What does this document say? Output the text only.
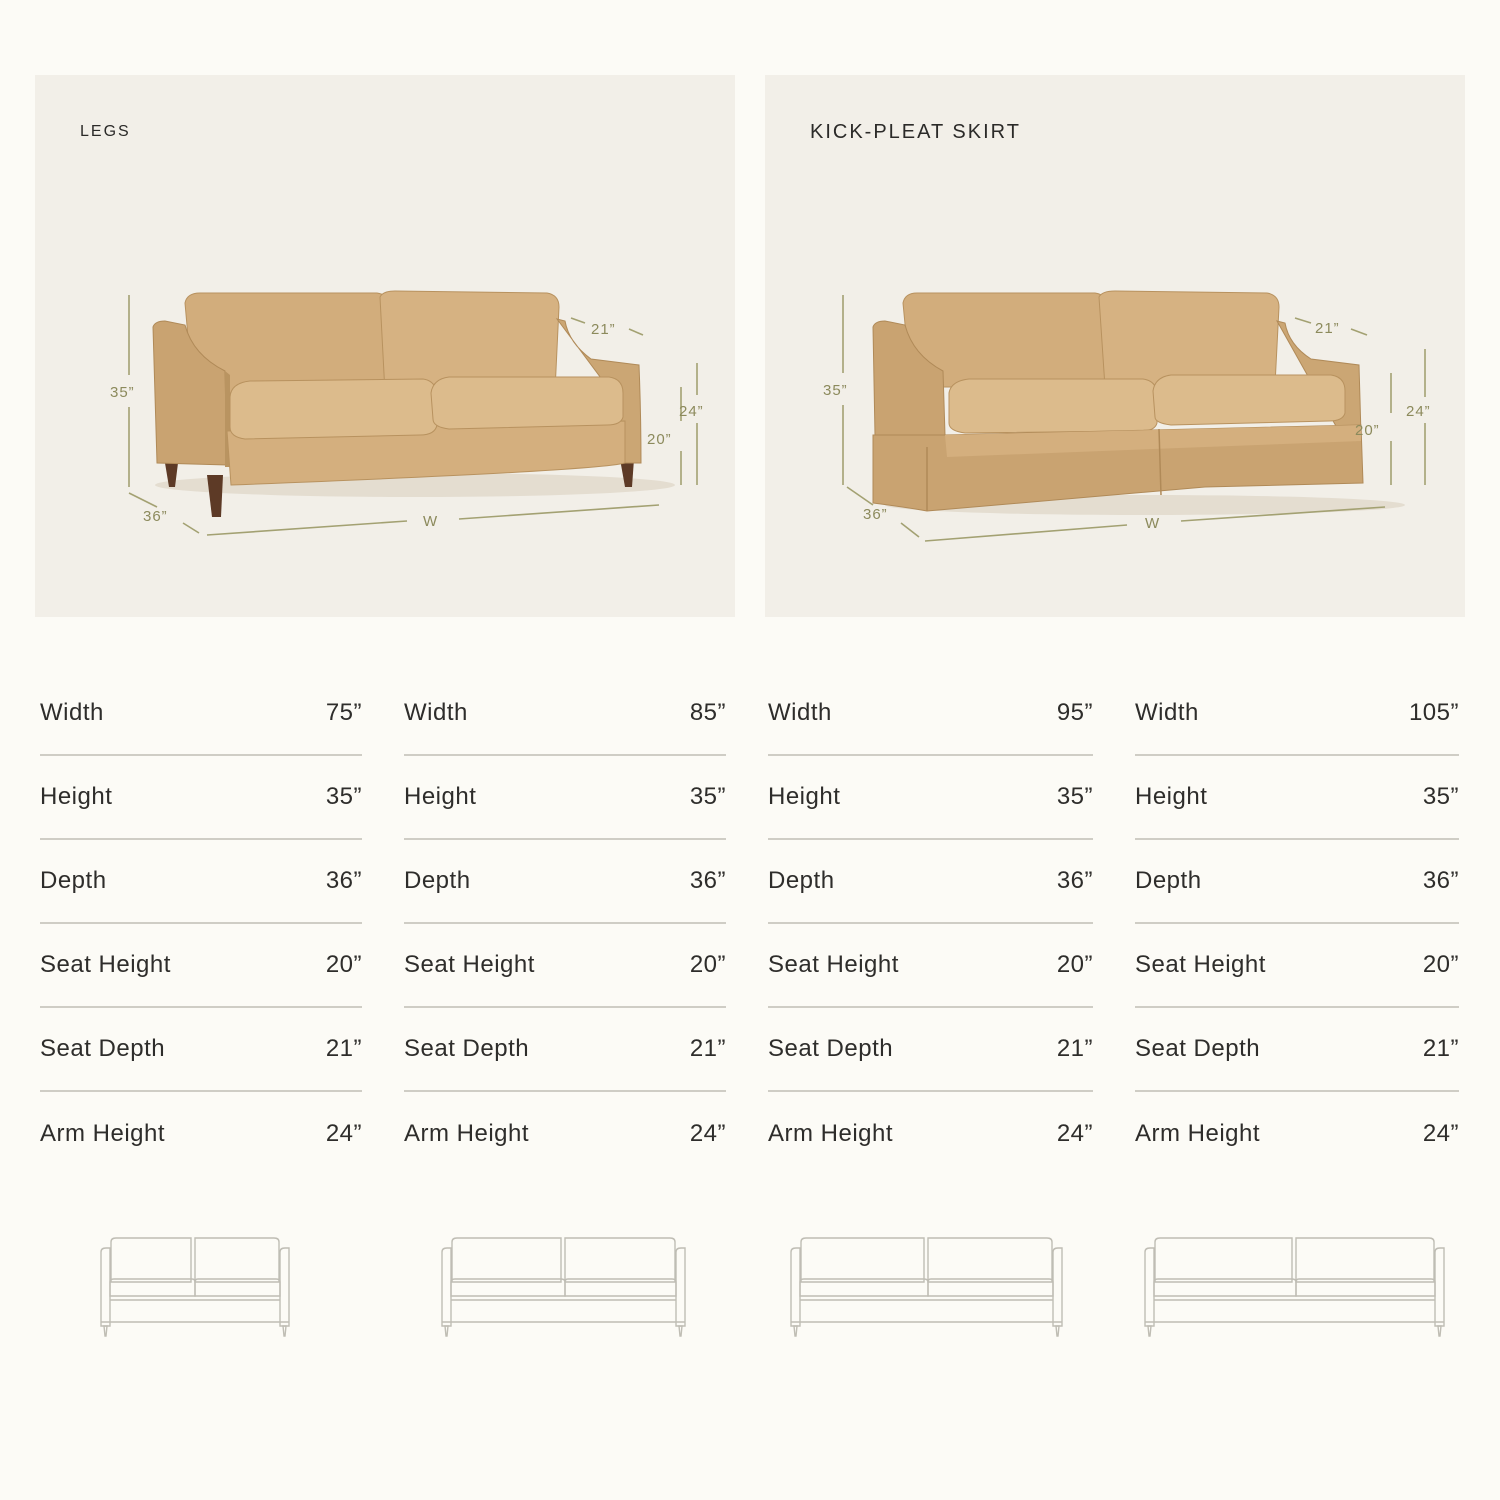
LEGS
35”
36”
21”
24”
20”
W
KICK-PLEAT SKIRT
35”
36”
21”
24”
20”
W
Width	75”
Height	35”
Depth	36”
Seat Height	20”
Seat Depth	21”
Arm Height	24”
Width	85”
Height	35”
Depth	36”
Seat Height	20”
Seat Depth	21”
Arm Height	24”
Width	95”
Height	35”
Depth	36”
Seat Height	20”
Seat Depth	21”
Arm Height	24”
Width	105”
Height	35”
Depth	36”
Seat Height	20”
Seat Depth	21”
Arm Height	24”
